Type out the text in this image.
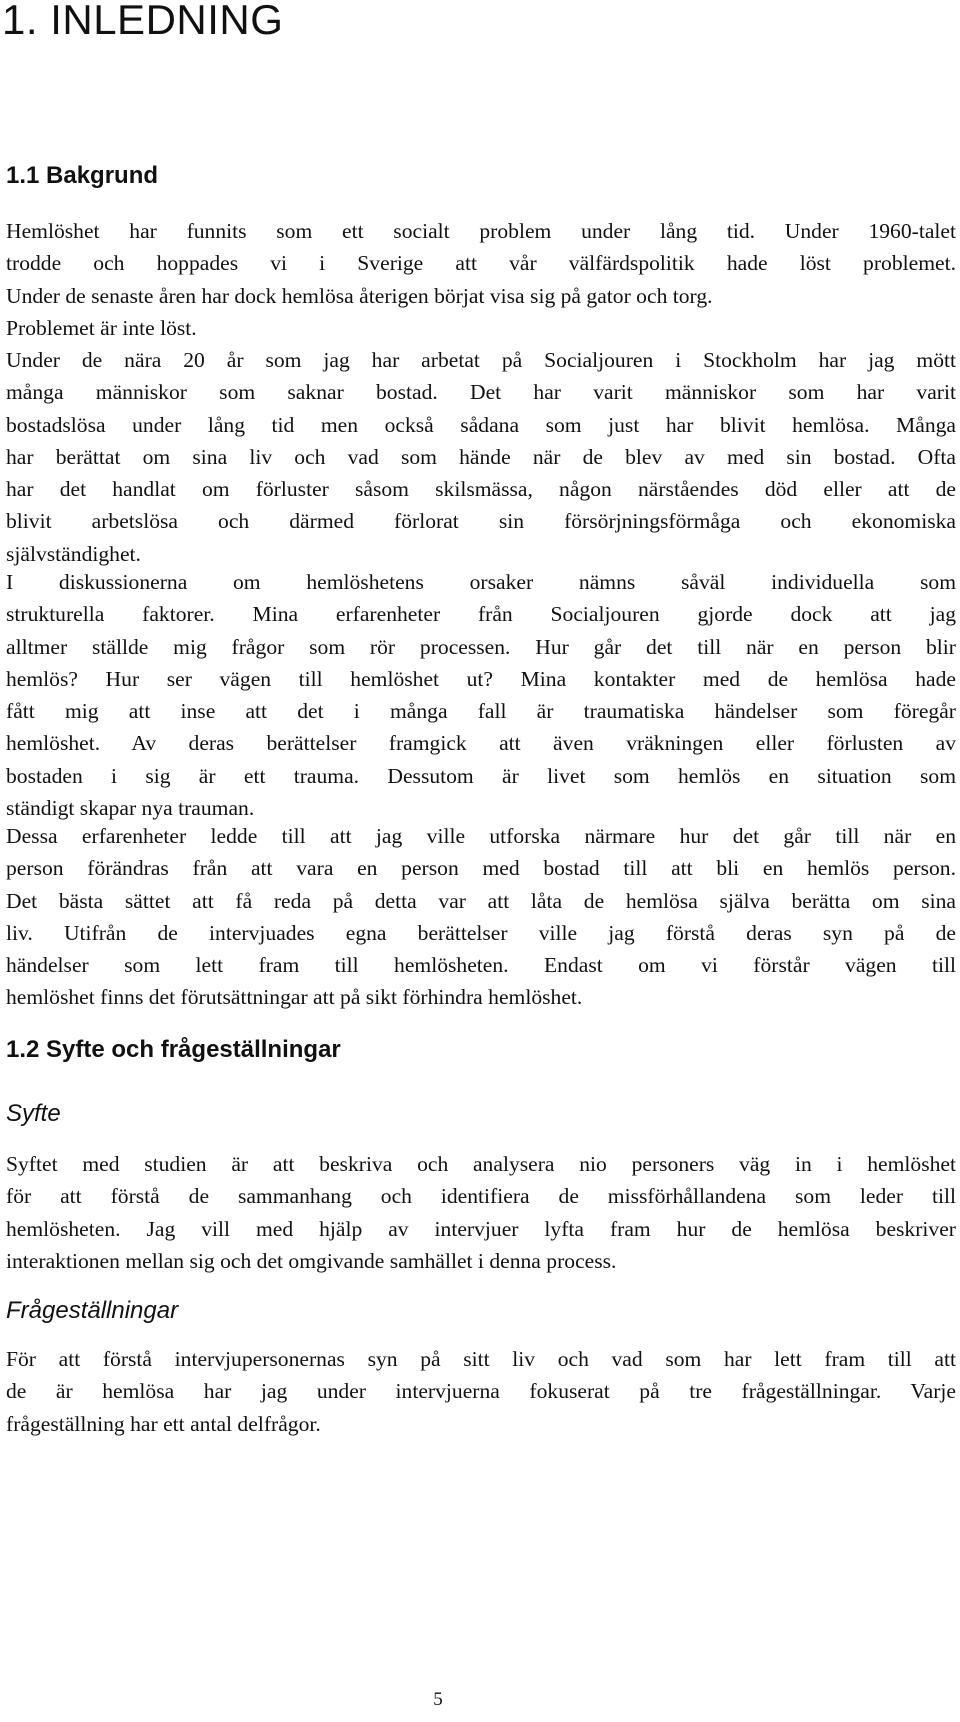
1. INLEDNING
1.1 Bakgrund
Hemlöshet har funnits som ett socialt problem under lång tid. Under 1960-talet
trodde och hoppades vi i Sverige att vår välfärdspolitik hade löst problemet.
Under de senaste åren har dock hemlösa återigen börjat visa sig på gator och torg.
Problemet är inte löst.
Under de nära 20 år som jag har arbetat på Socialjouren i Stockholm har jag mött
många människor som saknar bostad. Det har varit människor som har varit
bostadslösa under lång tid men också sådana som just har blivit hemlösa. Många
har berättat om sina liv och vad som hände när de blev av med sin bostad. Ofta
har det handlat om förluster såsom skilsmässa, någon närståendes död eller att de
blivit arbetslösa och därmed förlorat sin försörjningsförmåga och ekonomiska
självständighet.
I diskussionerna om hemlöshetens orsaker nämns såväl individuella som
strukturella faktorer. Mina erfarenheter från Socialjouren gjorde dock att jag
alltmer ställde mig frågor som rör processen. Hur går det till när en person blir
hemlös? Hur ser vägen till hemlöshet ut? Mina kontakter med de hemlösa hade
fått mig att inse att det i många fall är traumatiska händelser som föregår
hemlöshet. Av deras berättelser framgick att även vräkningen eller förlusten av
bostaden i sig är ett trauma. Dessutom är livet som hemlös en situation som
ständigt skapar nya trauman.
Dessa erfarenheter ledde till att jag ville utforska närmare hur det går till när en
person förändras från att vara en person med bostad till att bli en hemlös person.
Det bästa sättet att få reda på detta var att låta de hemlösa själva berätta om sina
liv. Utifrån de intervjuades egna berättelser ville jag förstå deras syn på de
händelser som lett fram till hemlösheten. Endast om vi förstår vägen till
hemlöshet finns det förutsättningar att på sikt förhindra hemlöshet.
1.2 Syfte och frågeställningar
Syfte
Syftet med studien är att beskriva och analysera nio personers väg in i hemlöshet
för att förstå de sammanhang och identifiera de missförhållandena som leder till
hemlösheten. Jag vill med hjälp av intervjuer lyfta fram hur de hemlösa beskriver
interaktionen mellan sig och det omgivande samhället i denna process.
Frågeställningar
För att förstå intervjupersonernas syn på sitt liv och vad som har lett fram till att
de är hemlösa har jag under intervjuerna fokuserat på tre frågeställningar. Varje
frågeställning har ett antal delfrågor.
5
